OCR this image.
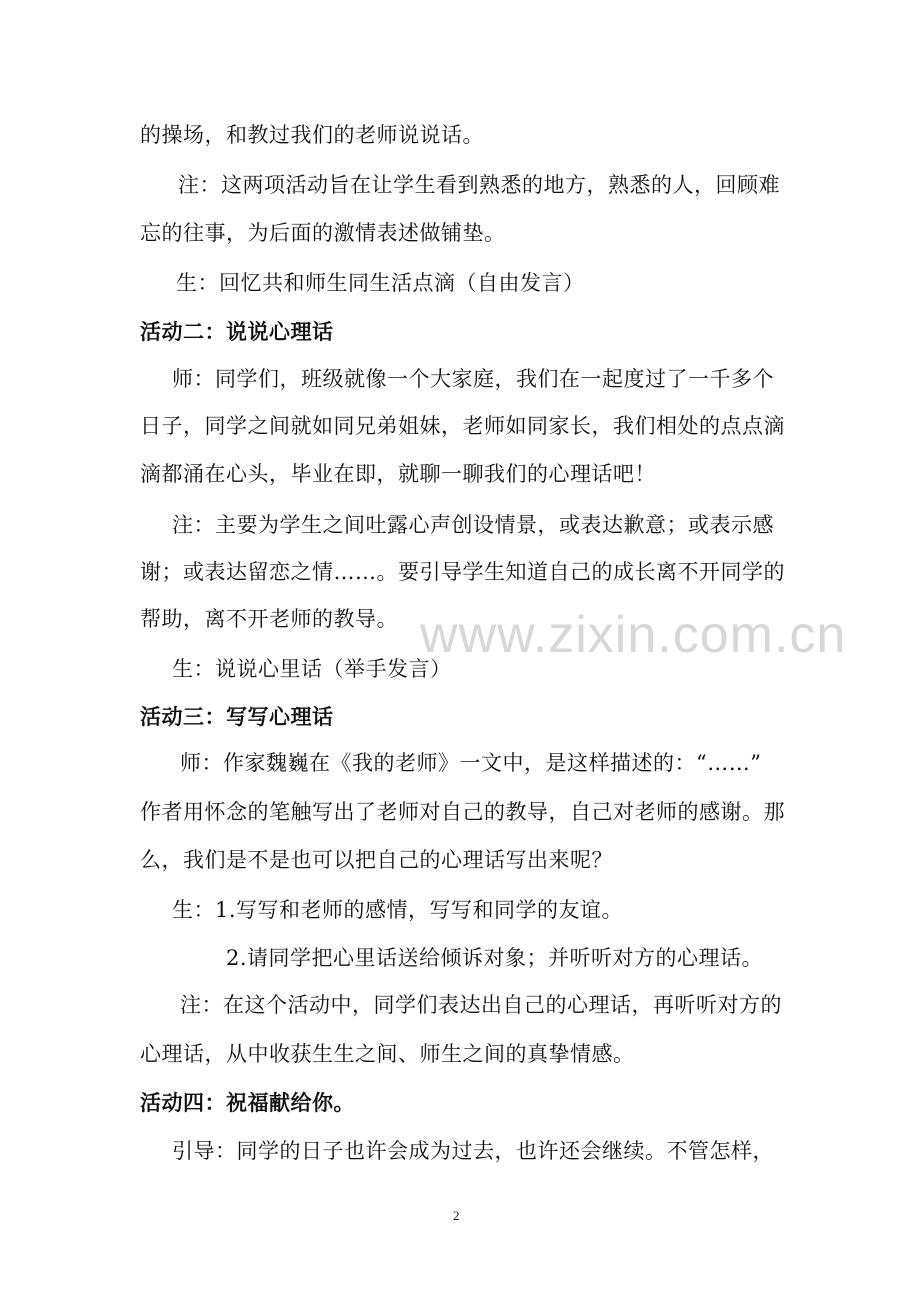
的操场，和教过我们的老师说说话。
注：这两项活动旨在让学生看到熟悉的地方，熟悉的人，回顾难
忘的往事，为后面的激情表述做铺垫。
生：回忆共和师生同生活点滴（自由发言）
活动二：说说心理话
师：同学们，班级就像一个大家庭，我们在一起度过了一千多个
日子，同学之间就如同兄弟姐妹，老师如同家长，我们相处的点点滴
滴都涌在心头，毕业在即，就聊一聊我们的心理话吧！
注：主要为学生之间吐露心声创设情景，或表达歉意；或表示感
谢；或表达留恋之情……。要引导学生知道自己的成长离不开同学的
帮助，离不开老师的教导。
生：说说心里话（举手发言）
活动三：写写心理话
师：作家魏巍在《我的老师》一文中，是这样描述的：“……”
作者用怀念的笔触写出了老师对自己的教导，自己对老师的感谢。那
么，我们是不是也可以把自己的心理话写出来呢？
生：1.写写和老师的感情，写写和同学的友谊。
2.请同学把心里话送给倾诉对象；并听听对方的心理话。
注：在这个活动中，同学们表达出自己的心理话，再听听对方的
心理话，从中收获生生之间、师生之间的真挚情感。
活动四：祝福献给你。
引导：同学的日子也许会成为过去，也许还会继续。不管怎样，
www.zixin.com.cn
2
